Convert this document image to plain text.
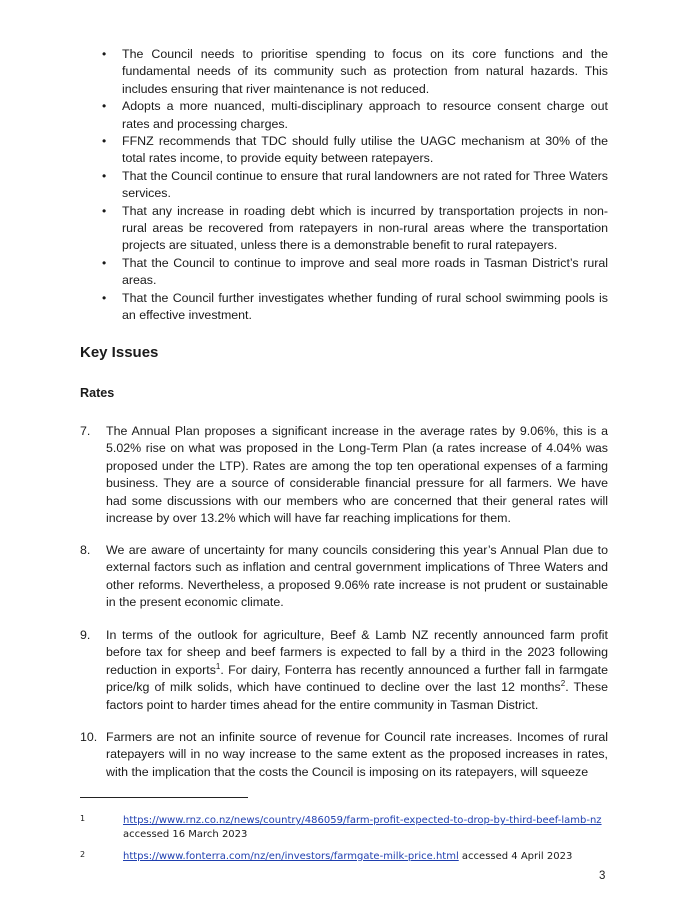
• The Council needs to prioritise spending to focus on its core functions and the fundamental needs of its community such as protection from natural hazards. This includes ensuring that river maintenance is not reduced.
• Adopts a more nuanced, multi-disciplinary approach to resource consent charge out rates and processing charges.
• FFNZ recommends that TDC should fully utilise the UAGC mechanism at 30% of the total rates income, to provide equity between ratepayers.
• That the Council continue to ensure that rural landowners are not rated for Three Waters services.
• That any increase in roading debt which is incurred by transportation projects in non-rural areas be recovered from ratepayers in non-rural areas where the transportation projects are situated, unless there is a demonstrable benefit to rural ratepayers.
• That the Council to continue to improve and seal more roads in Tasman District’s rural areas.
• That the Council further investigates whether funding of rural school swimming pools is an effective investment.
Key Issues
Rates
7. The Annual Plan proposes a significant increase in the average rates by 9.06%, this is a 5.02% rise on what was proposed in the Long-Term Plan (a rates increase of 4.04% was proposed under the LTP). Rates are among the top ten operational expenses of a farming business. They are a source of considerable financial pressure for all farmers. We have had some discussions with our members who are concerned that their general rates will increase by over 13.2% which will have far reaching implications for them.
8. We are aware of uncertainty for many councils considering this year’s Annual Plan due to external factors such as inflation and central government implications of Three Waters and other reforms. Nevertheless, a proposed 9.06% rate increase is not prudent or sustainable in the present economic climate.
9. In terms of the outlook for agriculture, Beef & Lamb NZ recently announced farm profit before tax for sheep and beef farmers is expected to fall by a third in the 2023 following reduction in exports$^1$. For dairy, Fonterra has recently announced a further fall in farmgate price/kg of milk solids, which have continued to decline over the last 12 months$^2$. These factors point to harder times ahead for the entire community in Tasman District.
10. Farmers are not an infinite source of revenue for Council rate increases. Incomes of rural ratepayers will in no way increase to the same extent as the proposed increases in rates, with the implication that the costs the Council is imposing on its ratepayers, will squeeze
1	https://www.rnz.co.nz/news/country/486059/farm-profit-expected-to-drop-by-third-beef-lamb-nz
accessed 16 March 2023
2	https://www.fonterra.com/nz/en/investors/farmgate-milk-price.html accessed 4 April 2023
3
